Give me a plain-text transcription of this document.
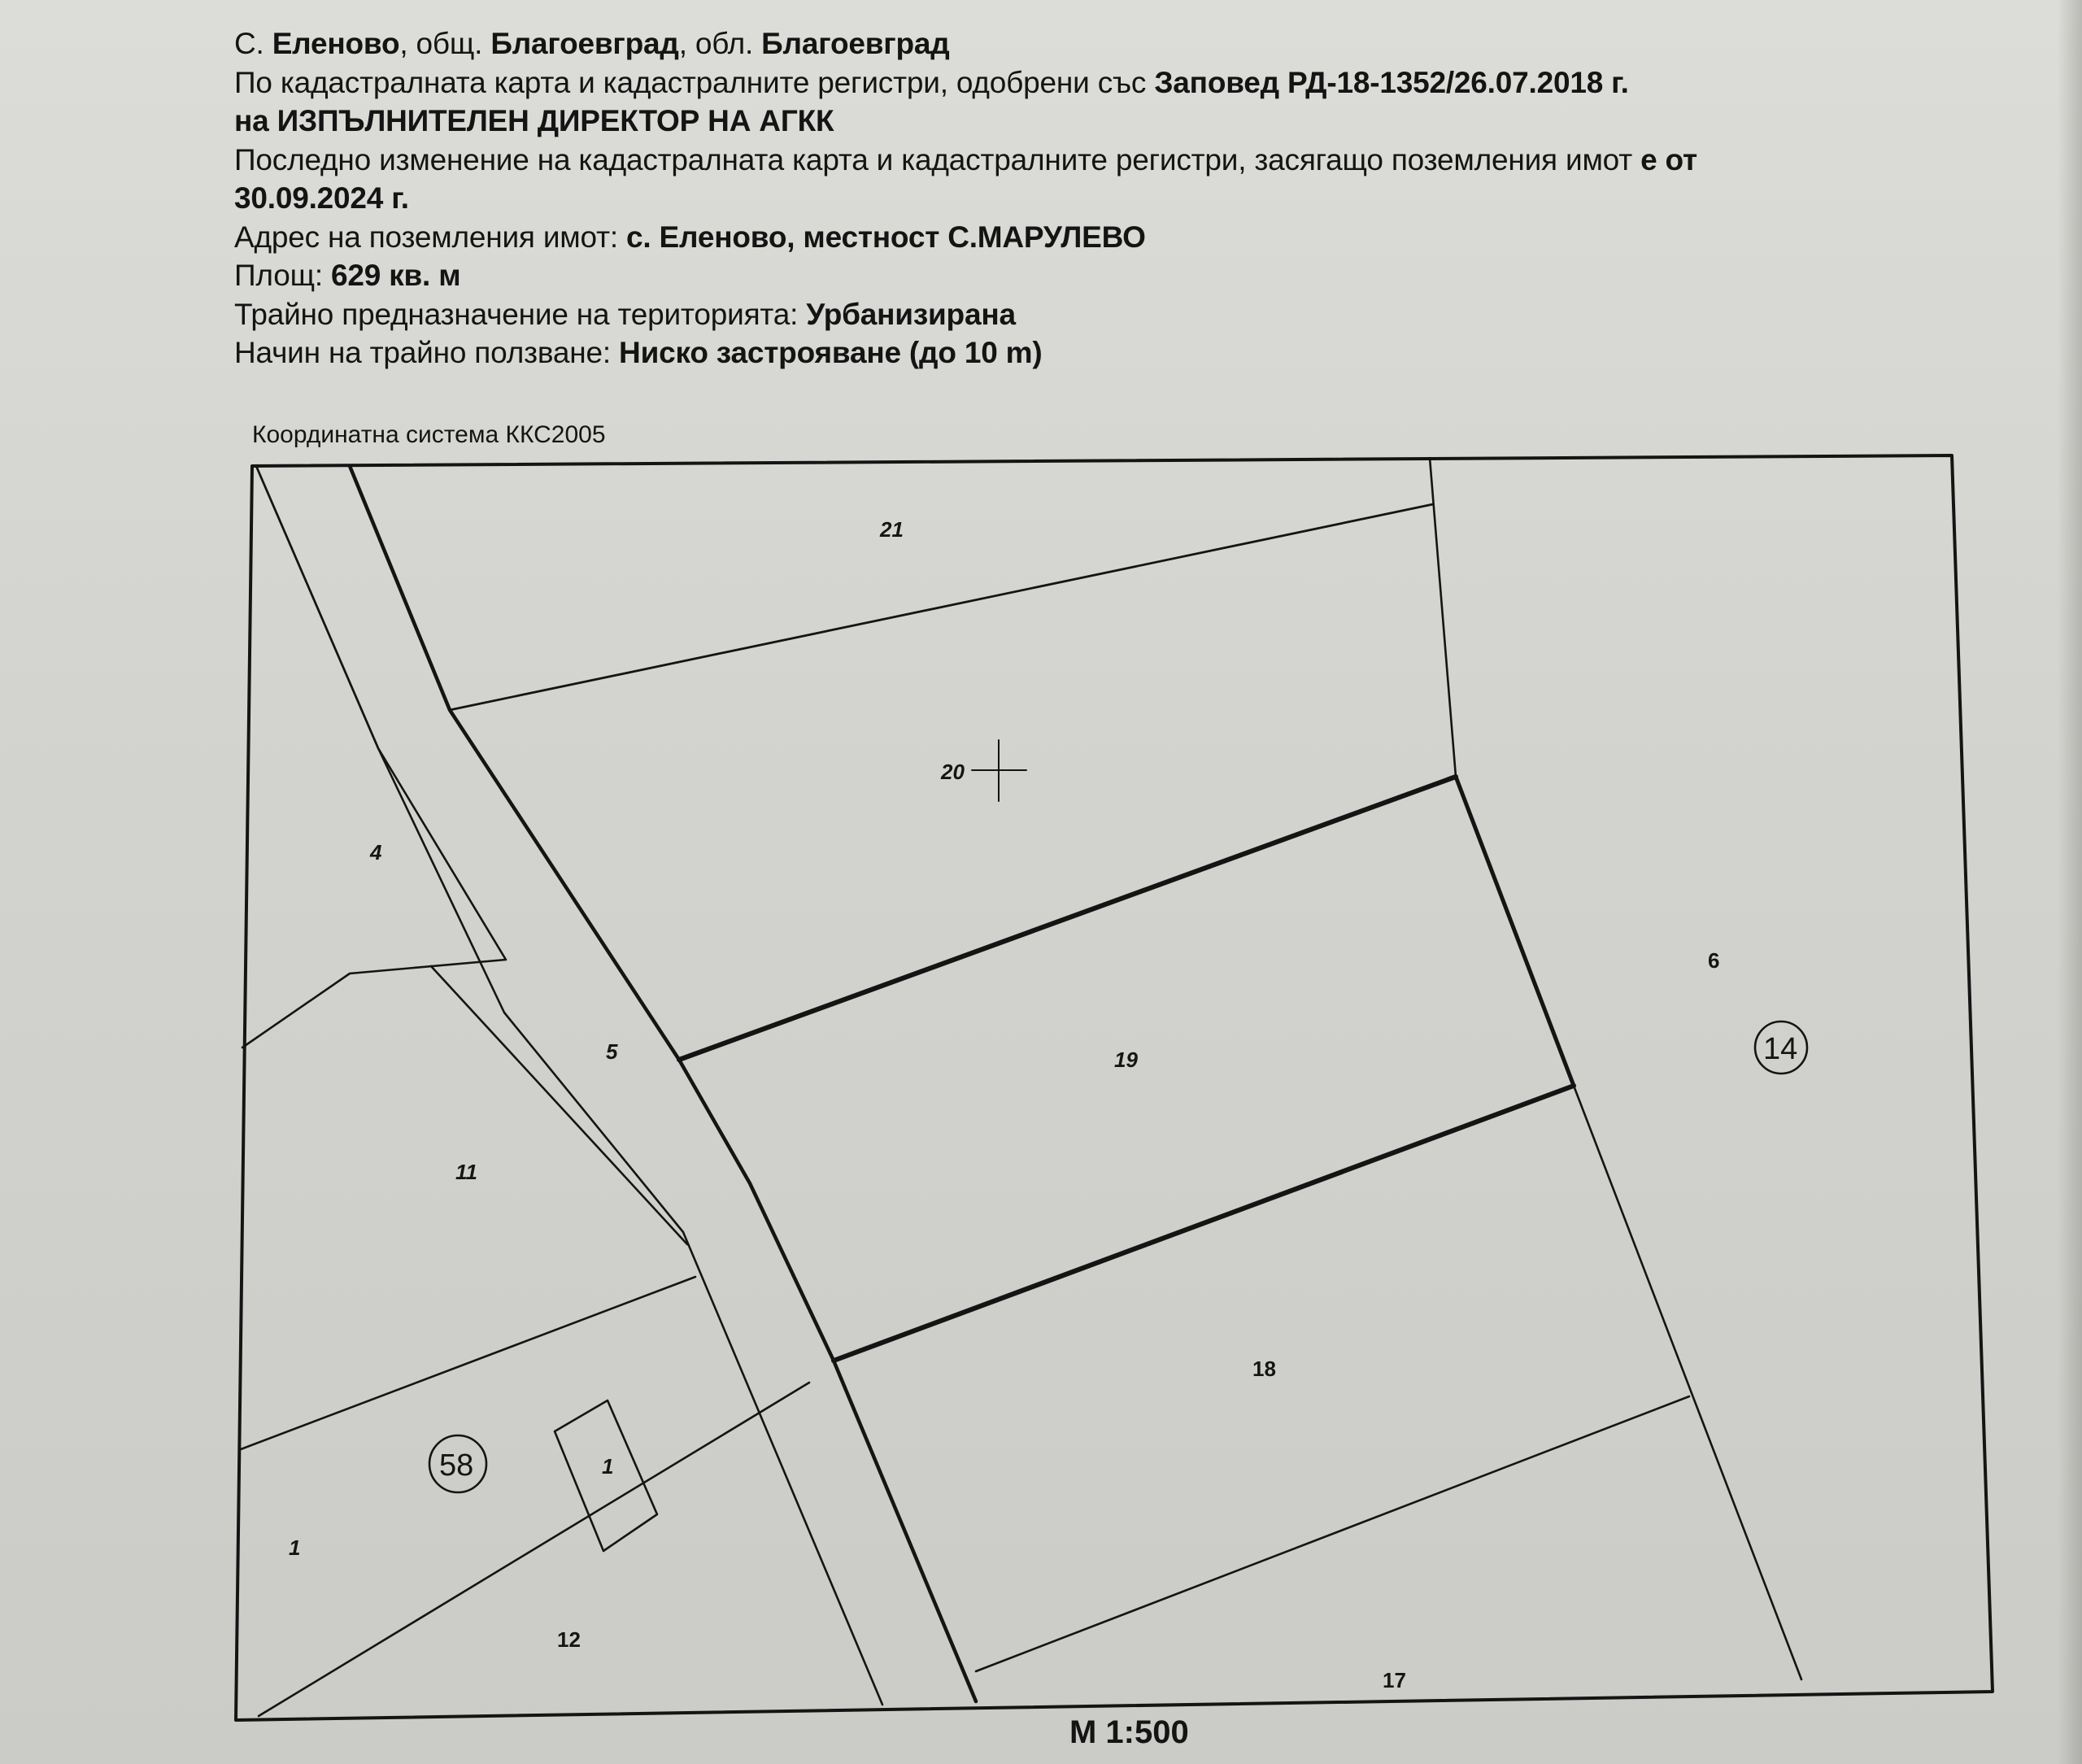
С. Еленово, общ. Благоевград, обл. Благоевград
По кадастралната карта и кадастралните регистри, одобрени със Заповед РД-18-1352/26.07.2018 г.
на ИЗПЪЛНИТЕЛЕН ДИРЕКТОР НА АГКК
Последно изменение на кадастралната карта и кадастралните регистри, засягащо поземления имот е от
30.09.2024 г.
Адрес на поземления имот: с. Еленово, местност С.МАРУЛЕВО
Площ: 629 кв. м
Трайно предназначение на територията: Урбанизирана
Начин на трайно ползване: Ниско застрояване (до 10 m)
Координатна система ККС2005
21
20
4
5	19
6
11
18
1
12
17
1
14
58
М 1:500
